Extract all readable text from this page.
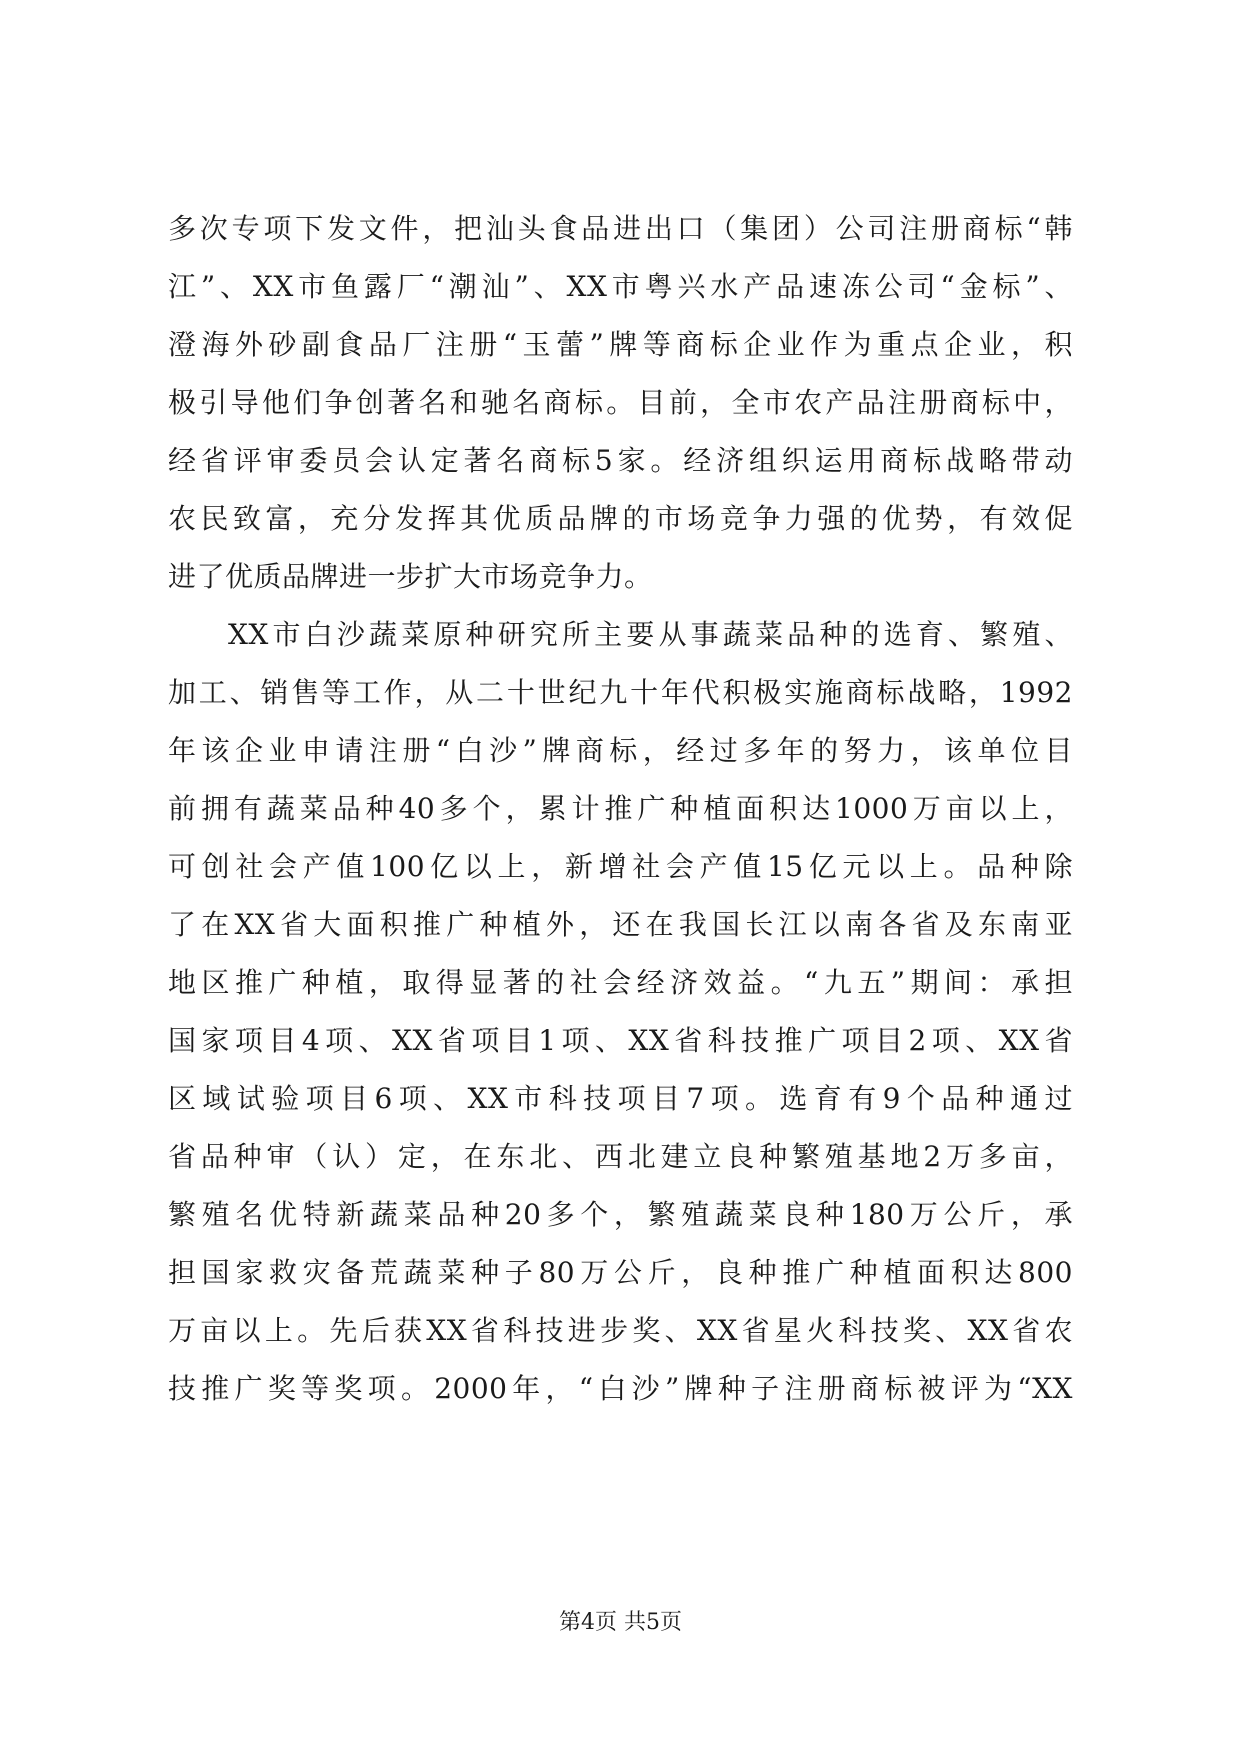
多次专项下发文件，把汕头食品进出口（集团）公司注册商标“韩
江”、XX市鱼露厂“潮汕”、XX市粤兴水产品速冻公司“金标”、
澄海外砂副食品厂注册“玉蕾”牌等商标企业作为重点企业，积
极引导他们争创著名和驰名商标。目前，全市农产品注册商标中，
经省评审委员会认定著名商标5家。经济组织运用商标战略带动
农民致富，充分发挥其优质品牌的市场竞争力强的优势，有效促
进了优质品牌进一步扩大市场竞争力。
XX市白沙蔬菜原种研究所主要从事蔬菜品种的选育、繁殖、
加工、销售等工作，从二十世纪九十年代积极实施商标战略，1992
年该企业申请注册“白沙”牌商标，经过多年的努力，该单位目
前拥有蔬菜品种40多个，累计推广种植面积达1000万亩以上，
可创社会产值100亿以上，新增社会产值15亿元以上。品种除
了在XX省大面积推广种植外，还在我国长江以南各省及东南亚
地区推广种植，取得显著的社会经济效益。“九五”期间：承担
国家项目4项、XX省项目1项、XX省科技推广项目2项、XX省
区域试验项目6项、XX市科技项目7项。选育有9个品种通过
省品种审（认）定，在东北、西北建立良种繁殖基地2万多亩，
繁殖名优特新蔬菜品种20多个，繁殖蔬菜良种180万公斤，承
担国家救灾备荒蔬菜种子80万公斤，良种推广种植面积达800
万亩以上。先后获XX省科技进步奖、XX省星火科技奖、XX省农
技推广奖等奖项。2000年，“白沙”牌种子注册商标被评为“XX
第4页 共5页
